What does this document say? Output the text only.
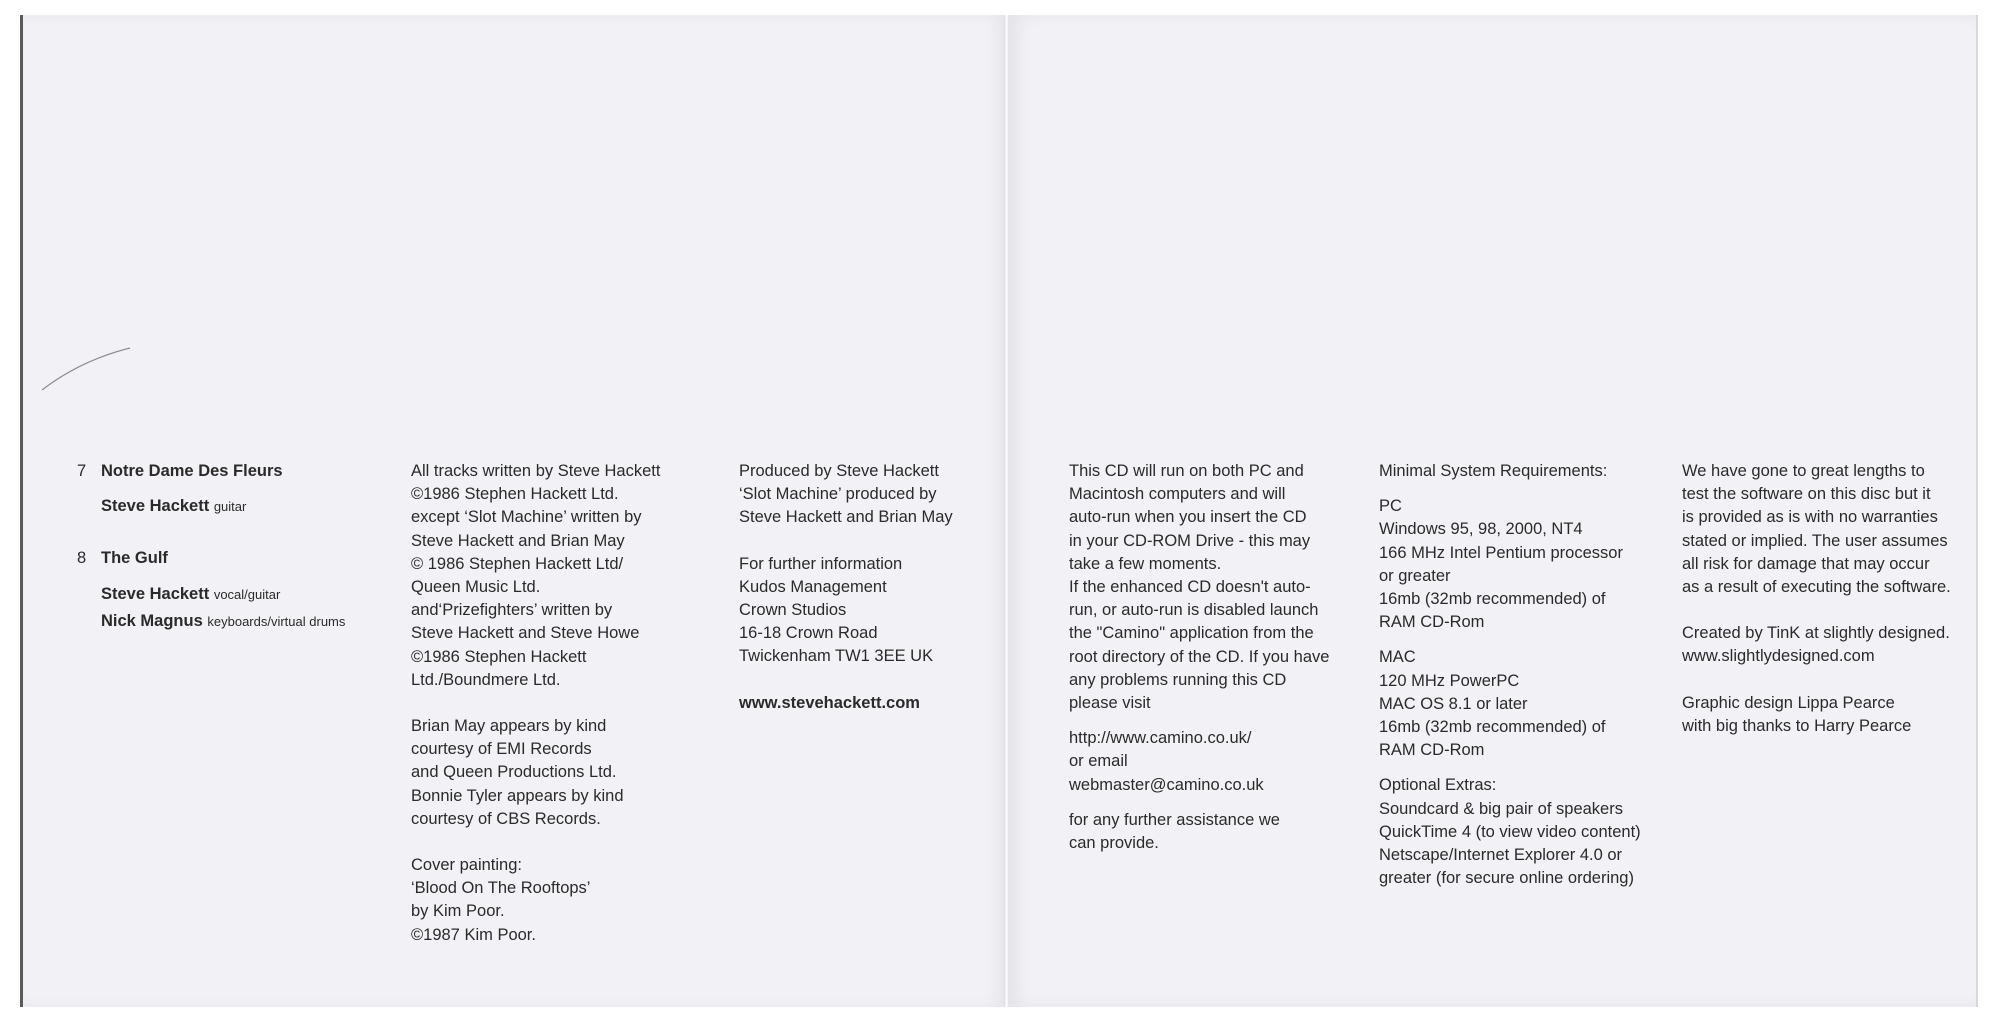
7 Notre Dame Des Fleurs
Steve Hackett guitar
8 The Gulf
Steve Hackett vocal/guitar
Nick Magnus keyboards/virtual drums

All tracks written by Steve Hackett

©1986 Stephen Hackett Ltd.

except ‘Slot Machine’ written by

Steve Hackett and Brian May

© 1986 Stephen Hackett Ltd/

Queen Music Ltd.

and‘Prizefighters’ written by

Steve Hackett and Steve Howe

©1986 Stephen Hackett

Ltd./Boundmere Ltd.

Brian May appears by kind

courtesy of EMI Records

and Queen Productions Ltd.

Bonnie Tyler appears by kind

courtesy of CBS Records.

Cover painting:

‘Blood On The Rooftops’

by Kim Poor.

©1987 Kim Poor.

Produced by Steve Hackett

‘Slot Machine’ produced by

Steve Hackett and Brian May

For further information

Kudos Management

Crown Studios

16-18 Crown Road

Twickenham TW1 3EE UK

www.stevehackett.com

This CD will run on both PC and

Macintosh computers and will

auto-run when you insert the CD

in your CD-ROM Drive - this may

take a few moments.

If the enhanced CD doesn't auto-

run, or auto-run is disabled launch

the "Camino" application from the

root directory of the CD. If you have

any problems running this CD

please visit

http://www.camino.co.uk/

or email

webmaster@camino.co.uk

for any further assistance we

can provide.

Minimal System Requirements:

PC

Windows 95, 98, 2000, NT4

166 MHz Intel Pentium processor

or greater

16mb (32mb recommended) of

RAM CD-Rom

MAC

120 MHz PowerPC

MAC OS 8.1 or later

16mb (32mb recommended) of

RAM CD-Rom

Optional Extras:

Soundcard & big pair of speakers

QuickTime 4 (to view video content)

Netscape/Internet Explorer 4.0 or

greater (for secure online ordering)

We have gone to great lengths to

test the software on this disc but it

is provided as is with no warranties

stated or implied. The user assumes

all risk for damage that may occur

as a result of executing the software.

Created by TinK at slightly designed.

www.slightlydesigned.com

Graphic design Lippa Pearce

with big thanks to Harry Pearce
